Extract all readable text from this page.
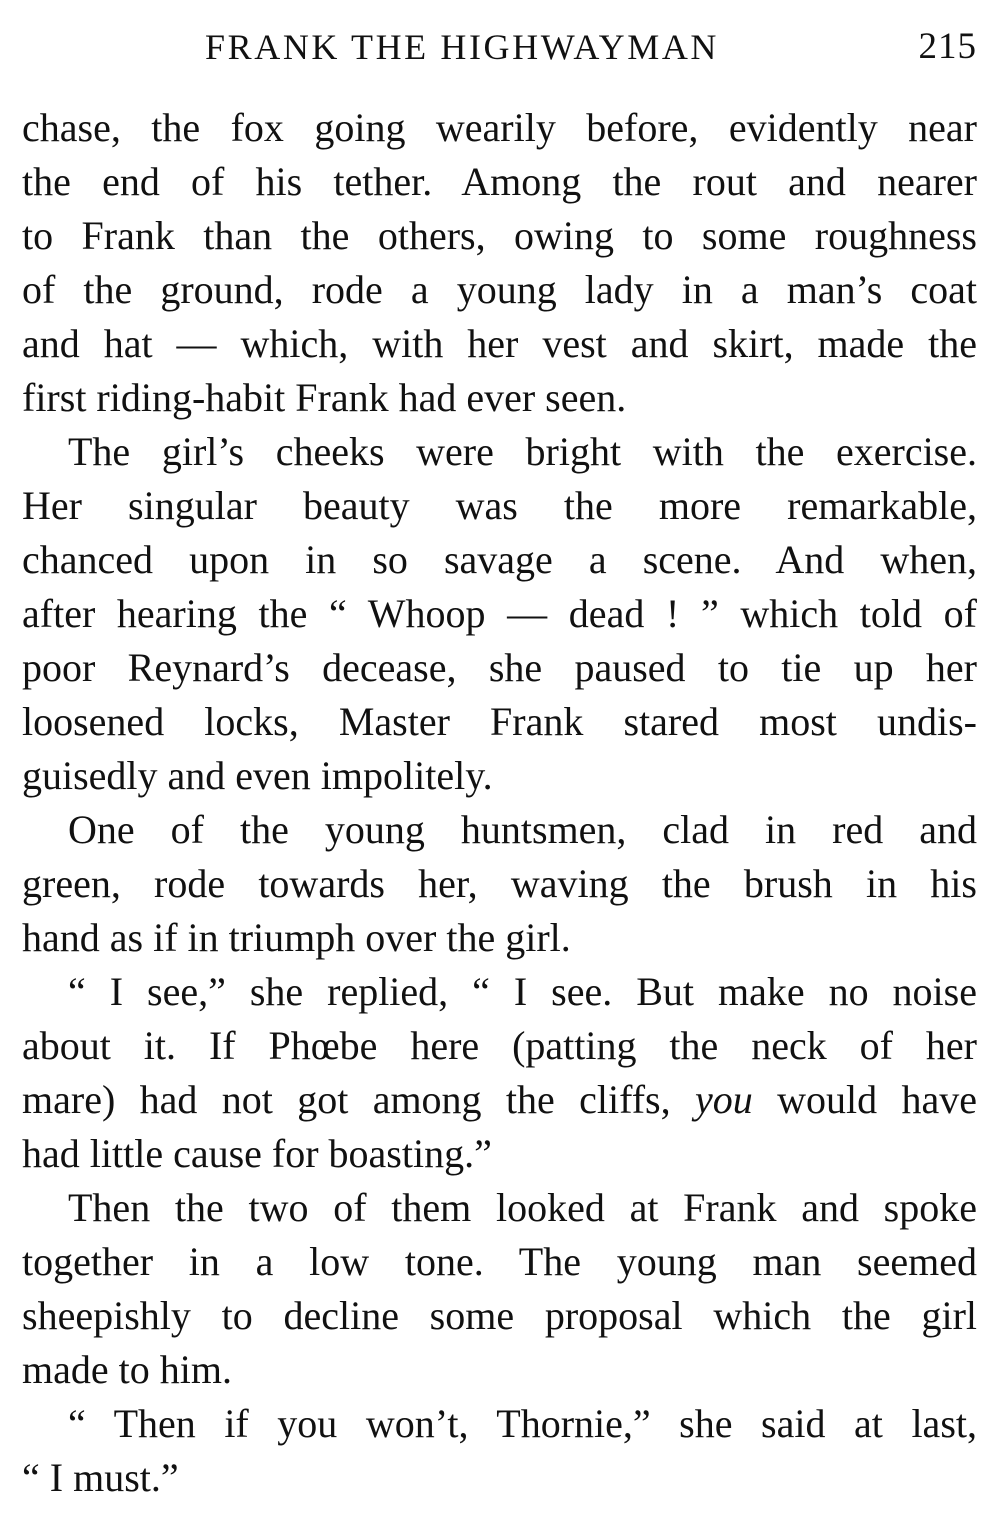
FRANK THE HIGHWAYMAN	215
chase, the fox going wearily before, evidently near
the end of his tether. Among the rout and nearer
to Frank than the others, owing to some roughness
of the ground, rode a young lady in a man’s coat
and hat — which, with her vest and skirt, made the
first riding-habit Frank had ever seen.
The girl’s cheeks were bright with the exercise.
Her singular beauty was the more remarkable,
chanced upon in so savage a scene. And when,
after hearing the “ Whoop — dead ! ” which told of
poor Reynard’s decease, she paused to tie up her
loosened locks, Master Frank stared most undis-
guisedly and even impolitely.
One of the young huntsmen, clad in red and
green, rode towards her, waving the brush in his
hand as if in triumph over the girl.
“ I see,” she replied, “ I see. But make no noise
about it. If Phœbe here (patting the neck of her
mare) had not got among the cliffs, you would have
had little cause for boasting.”
Then the two of them looked at Frank and spoke
together in a low tone. The young man seemed
sheepishly to decline some proposal which the girl
made to him.
“ Then if you won’t, Thornie,” she said at last,
“ I must.”
